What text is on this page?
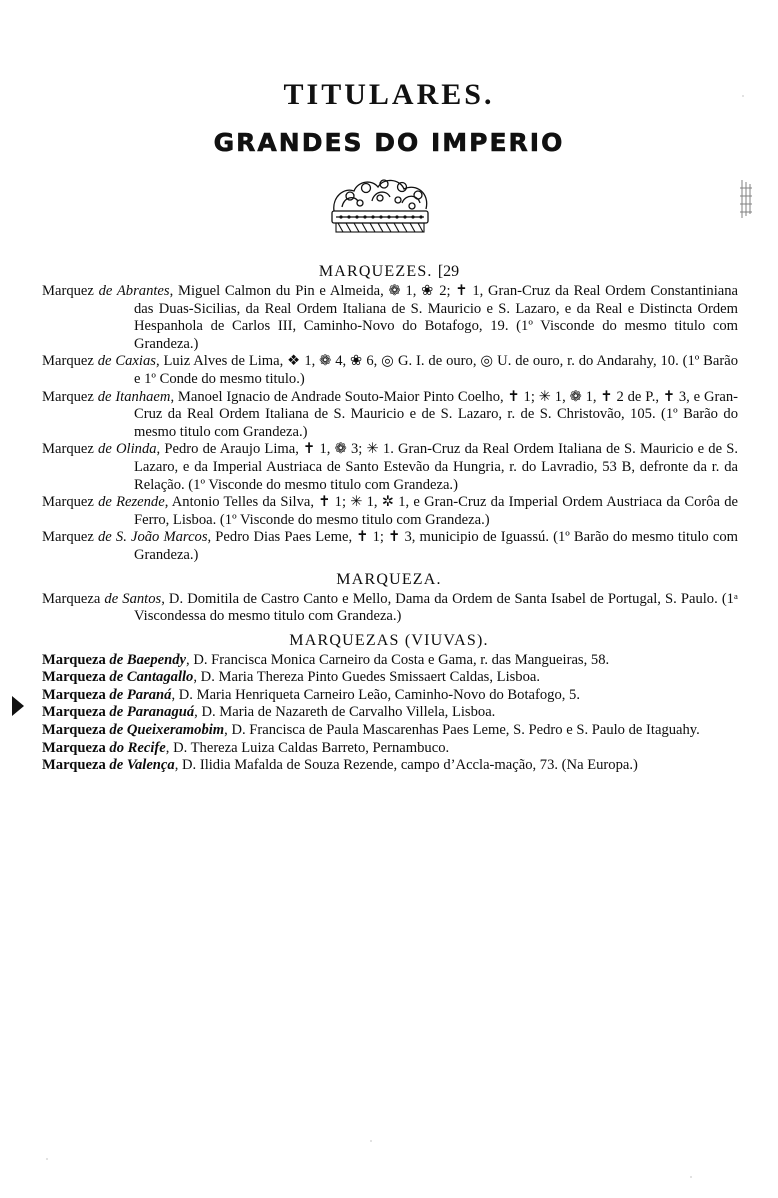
TITULARES.
GRANDES DO IMPERIO
MARQUEZES. [29
Marquez de Abrantes, Miguel Calmon du Pin e Almeida, ❁ 1, ❀ 2; ✝ 1, Gran-Cruz da Real Ordem Constantiniana das Duas-Sicilias, da Real Ordem Italiana de S. Mauricio e S. Lazaro, e da Real e Distincta Ordem Hespanhola de Carlos III, Caminho-Novo do Botafogo, 19. (1º Visconde do mesmo titulo com Grandeza.)
Marquez de Caxias, Luiz Alves de Lima, ❖ 1, ❁ 4, ❀ 6, ◎ G. I. de ouro, ◎ U. de ouro, r. do Andarahy, 10. (1º Barão e 1º Conde do mesmo titulo.)
Marquez de Itanhaem, Manoel Ignacio de Andrade Souto-Maior Pinto Coelho, ✝ 1; ✳ 1, ❁ 1, ✝ 2 de P., ✝ 3, e Gran-Cruz da Real Ordem Italiana de S. Mauricio e de S. Lazaro, r. de S. Christovão, 105. (1º Barão do mesmo titulo com Grandeza.)
Marquez de Olinda, Pedro de Araujo Lima, ✝ 1, ❁ 3; ✳ 1. Gran-Cruz da Real Ordem Italiana de S. Mauricio e de S. Lazaro, e da Imperial Austriaca de Santo Estevão da Hungria, r. do Lavradio, 53 B, defronte da r. da Relação. (1º Visconde do mesmo titulo com Grandeza.)
Marquez de Rezende, Antonio Telles da Silva, ✝ 1; ✳ 1, ✲ 1, e Gran-Cruz da Imperial Ordem Austriaca da Corôa de Ferro, Lisboa. (1º Visconde do mesmo titulo com Grandeza.)
Marquez de S. João Marcos, Pedro Dias Paes Leme, ✝ 1; ✝ 3, municipio de Iguassú. (1º Barão do mesmo titulo com Grandeza.)
MARQUEZA.
Marqueza de Santos, D. Domitila de Castro Canto e Mello, Dama da Ordem de Santa Isabel de Portugal, S. Paulo. (1ᵃ Viscondessa do mesmo titulo com Grandeza.)
MARQUEZAS (VIUVAS).
Marqueza de Baependy, D. Francisca Monica Carneiro da Costa e Gama, r. das Mangueiras, 58.
Marqueza de Cantagallo, D. Maria Thereza Pinto Guedes Smissaert Caldas, Lisboa.
Marqueza de Paraná, D. Maria Henriqueta Carneiro Leão, Caminho-Novo do Botafogo, 5.
Marqueza de Paranaguá, D. Maria de Nazareth de Carvalho Villela, Lisboa.
Marqueza de Queixeramobim, D. Francisca de Paula Mascarenhas Paes Leme, S. Pedro e S. Paulo de Itaguahy.
Marqueza do Recife, D. Thereza Luiza Caldas Barreto, Pernambuco.
Marqueza de Valença, D. Ilidia Mafalda de Souza Rezende, campo d’Accla-mação, 73. (Na Europa.)
